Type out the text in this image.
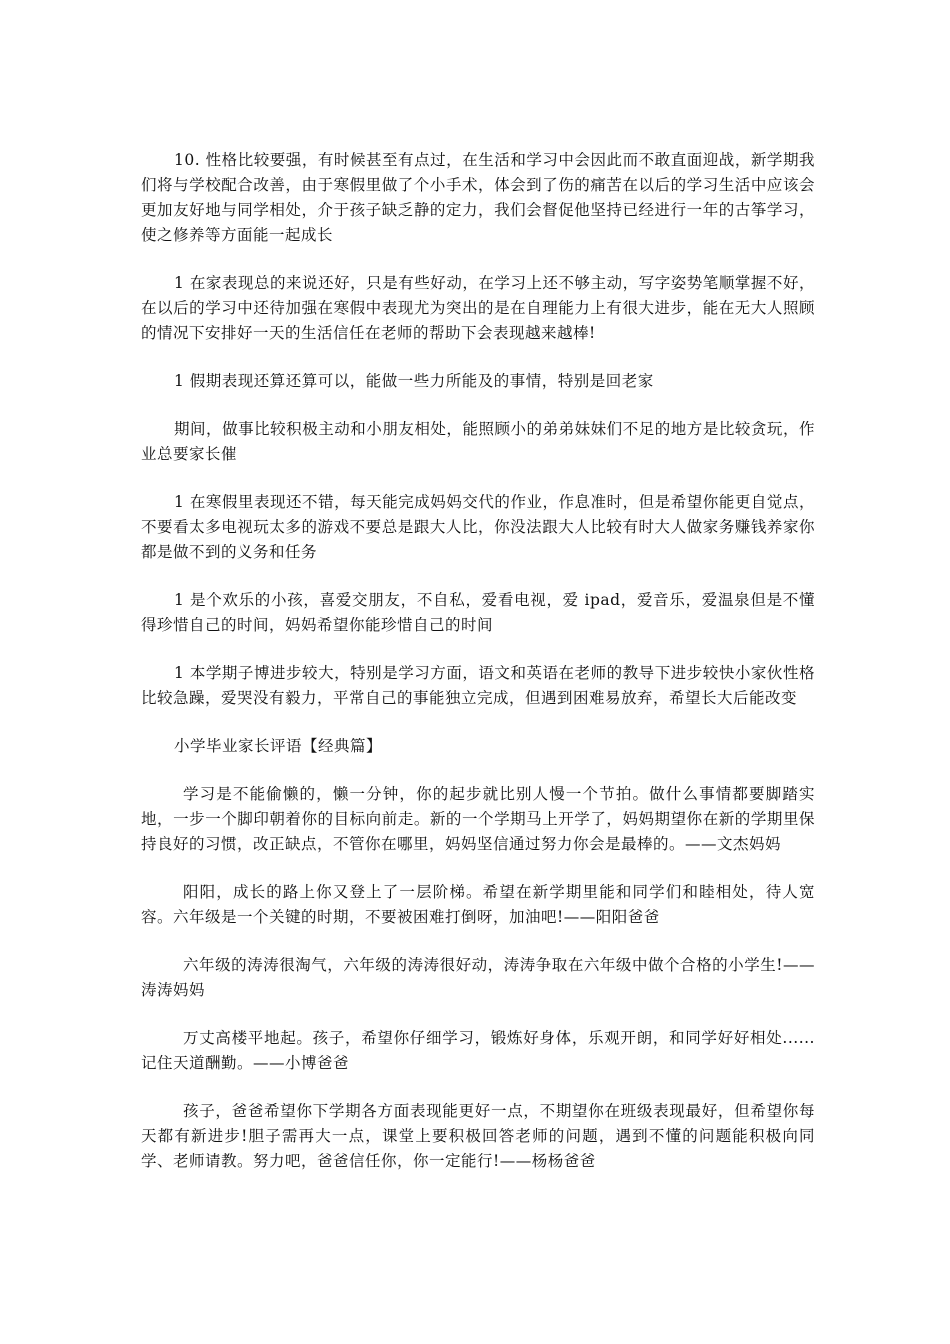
10. 性格比较要强，有时候甚至有点过，在生活和学习中会因此而不敢直面迎战，新学期我们将与学校配合改善，由于寒假里做了个小手术，体会到了伤的痛苦在以后的学习生活中应该会更加友好地与同学相处，介于孩子缺乏静的定力，我们会督促他坚持已经进行一年的古筝学习，使之修养等方面能一起成长

1 在家表现总的来说还好，只是有些好动，在学习上还不够主动，写字姿势笔顺掌握不好，在以后的学习中还待加强在寒假中表现尤为突出的是在自理能力上有很大进步，能在无大人照顾的情况下安排好一天的生活信任在老师的帮助下会表现越来越棒!

1 假期表现还算还算可以，能做一些力所能及的事情，特别是回老家

期间，做事比较积极主动和小朋友相处，能照顾小的弟弟妹妹们不足的地方是比较贪玩，作业总要家长催

1 在寒假里表现还不错，每天能完成妈妈交代的作业，作息准时，但是希望你能更自觉点，不要看太多电视玩太多的游戏不要总是跟大人比，你没法跟大人比较有时大人做家务赚钱养家你都是做不到的义务和任务

1 是个欢乐的小孩，喜爱交朋友，不自私，爱看电视，爱 ipad，爱音乐，爱温泉但是不懂得珍惜自己的时间，妈妈希望你能珍惜自己的时间

1 本学期子博进步较大，特别是学习方面，语文和英语在老师的教导下进步较快小家伙性格比较急躁，爱哭没有毅力，平常自己的事能独立完成，但遇到困难易放弃，希望长大后能改变

小学毕业家长评语【经典篇】

学习是不能偷懒的，懒一分钟，你的起步就比别人慢一个节拍。做什么事情都要脚踏实地，一步一个脚印朝着你的目标向前走。新的一个学期马上开学了，妈妈期望你在新的学期里保持良好的习惯，改正缺点，不管你在哪里，妈妈坚信通过努力你会是最棒的。——文杰妈妈

阳阳，成长的路上你又登上了一层阶梯。希望在新学期里能和同学们和睦相处，待人宽容。六年级是一个关键的时期，不要被困难打倒呀，加油吧!——阳阳爸爸

六年级的涛涛很淘气，六年级的涛涛很好动，涛涛争取在六年级中做个合格的小学生!——涛涛妈妈

万丈高楼平地起。孩子，希望你仔细学习，锻炼好身体，乐观开朗，和同学好好相处......记住天道酬勤。——小博爸爸

孩子，爸爸希望你下学期各方面表现能更好一点，不期望你在班级表现最好，但希望你每天都有新进步!胆子需再大一点，课堂上要积极回答老师的问题，遇到不懂的问题能积极向同学、老师请教。努力吧，爸爸信任你，你一定能行!——杨杨爸爸
